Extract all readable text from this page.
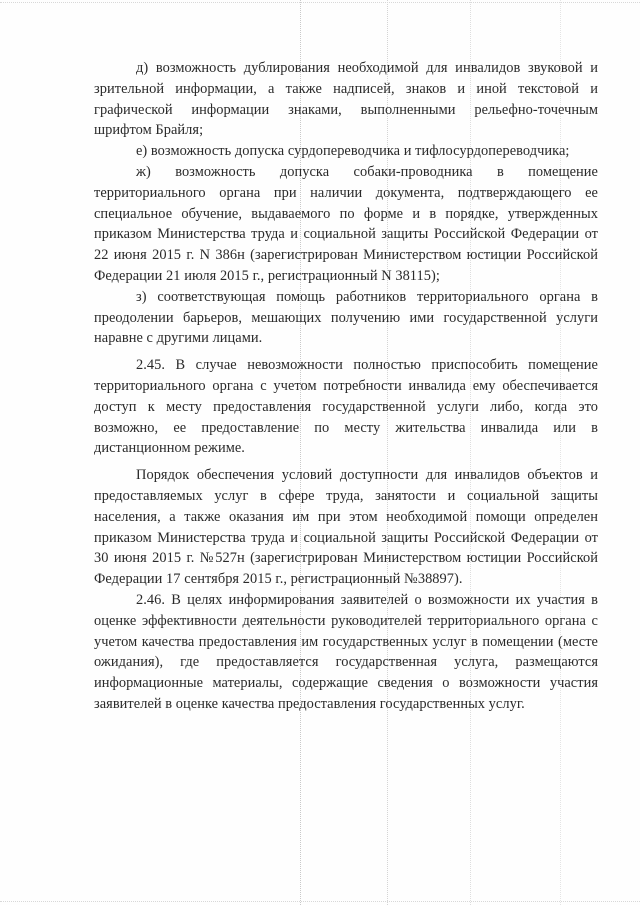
д) возможность дублирования необходимой для инвалидов звуковой и зрительной информации, а также надписей, знаков и иной текстовой и графической информации знаками, выполненными рельефно-точечным шрифтом Брайля;

е) возможность допуска сурдопереводчика и тифлосурдопереводчика;

ж) возможность допуска собаки-проводника в помещение территориального органа при наличии документа, подтверждающего ее специальное обучение, выдаваемого по форме и в порядке, утвержденных приказом Министерства труда и социальной защиты Российской Федерации от 22 июня 2015 г. N 386н (зарегистрирован Министерством юстиции Российской Федерации 21 июля 2015 г., регистрационный N 38115);

з) соответствующая помощь работников территориального органа в преодолении барьеров, мешающих получению ими государственной услуги наравне с другими лицами.

2.45. В случае невозможности полностью приспособить помещение территориального органа с учетом потребности инвалида ему обеспечивается доступ к месту предоставления государственной услуги либо, когда это возможно, ее предоставление по месту жительства инвалида или в дистанционном режиме.

Порядок обеспечения условий доступности для инвалидов объектов и предоставляемых услуг в сфере труда, занятости и социальной защиты населения, а также оказания им при этом необходимой помощи определен приказом Министерства труда и социальной защиты Российской Федерации от 30 июня 2015 г. №527н (зарегистрирован Министерством юстиции Российской Федерации 17 сентября 2015 г., регистрационный №38897).

2.46. В целях информирования заявителей о возможности их участия в оценке эффективности деятельности руководителей территориального органа с учетом качества предоставления им государственных услуг в помещении (месте ожидания), где предоставляется государственная услуга, размещаются информационные материалы, содержащие сведения о возможности участия заявителей в оценке качества предоставления государственных услуг.
